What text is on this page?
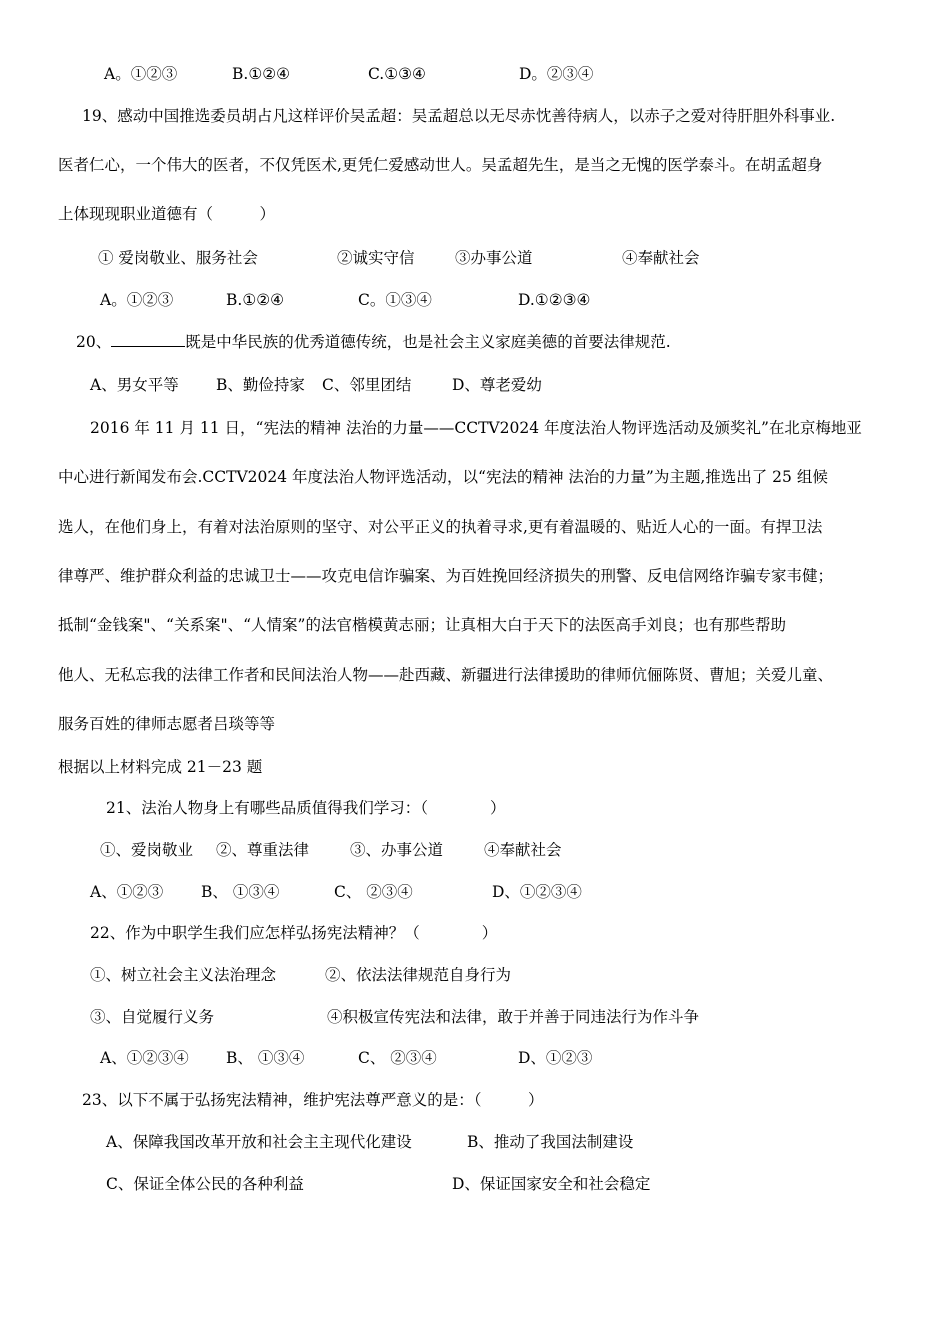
A。①②③	B.①②④	C.①③④	D。②③④
19、感动中国推选委员胡占凡这样评价吴孟超：吴孟超总以无尽赤忱善待病人，以赤子之爱对待肝胆外科事业.
医者仁心，一个伟大的医者，不仅凭医术,更凭仁爱感动世人。吴孟超先生，是当之无愧的医学泰斗。在胡孟超身
上体现现职业道德有（　　　）
① 爱岗敬业、服务社会	②诚实守信	③办事公道	④奉献社会
A。①②③	B.①②④	C。①③④	D.①②③④
20、	既是中华民族的优秀道德传统，也是社会主义家庭美德的首要法律规范.
A、男女平等 B、勤俭持家 C、邻里团结	D、尊老爱幼
2016 年 11 月 11 日，“宪法的精神 法治的力量——CCTV2024 年度法治人物评选活动及颁奖礼”在北京梅地亚
中心进行新闻发布会.CCTV2024 年度法治人物评选活动，以“宪法的精神 法治的力量”为主题,推选出了 25 组候
选人，在他们身上，有着对法治原则的坚守、对公平正义的执着寻求,更有着温暖的、贴近人心的一面。有捍卫法
律尊严、维护群众利益的忠诚卫士——攻克电信诈骗案、为百姓挽回经济损失的刑警、反电信网络诈骗专家韦健；
抵制“金钱案"、“关系案"、“人情案”的法官楷模黄志丽；让真相大白于天下的法医高手刘良；也有那些帮助
他人、无私忘我的法律工作者和民间法治人物——赴西藏、新疆进行法律援助的律师伉俪陈贤、曹旭；关爱儿童、
服务百姓的律师志愿者吕琰等等
根据以上材料完成 21－23 题
21、法治人物身上有哪些品质值得我们学习：（　　　　）
①、爱岗敬业 ②、尊重法律	③、办事公道	④奉献社会
A、①②③ B、 ①③④	C、 ②③④	D、①②③④
22、作为中职学生我们应怎样弘扬宪法精神？（　　　　）
①、树立社会主义法治理念	②、依法法律规范自身行为
③、自觉履行义务	④积极宣传宪法和法律，敢于并善于同违法行为作斗争
A、①②③④ B、 ①③④	C、 ②③④	D、①②③
23、以下不属于弘扬宪法精神，维护宪法尊严意义的是：（　　　）
A、保障我国改革开放和社会主主现代化建设	B、推动了我国法制建设
C、保证全体公民的各种利益	D、保证国家安全和社会稳定
